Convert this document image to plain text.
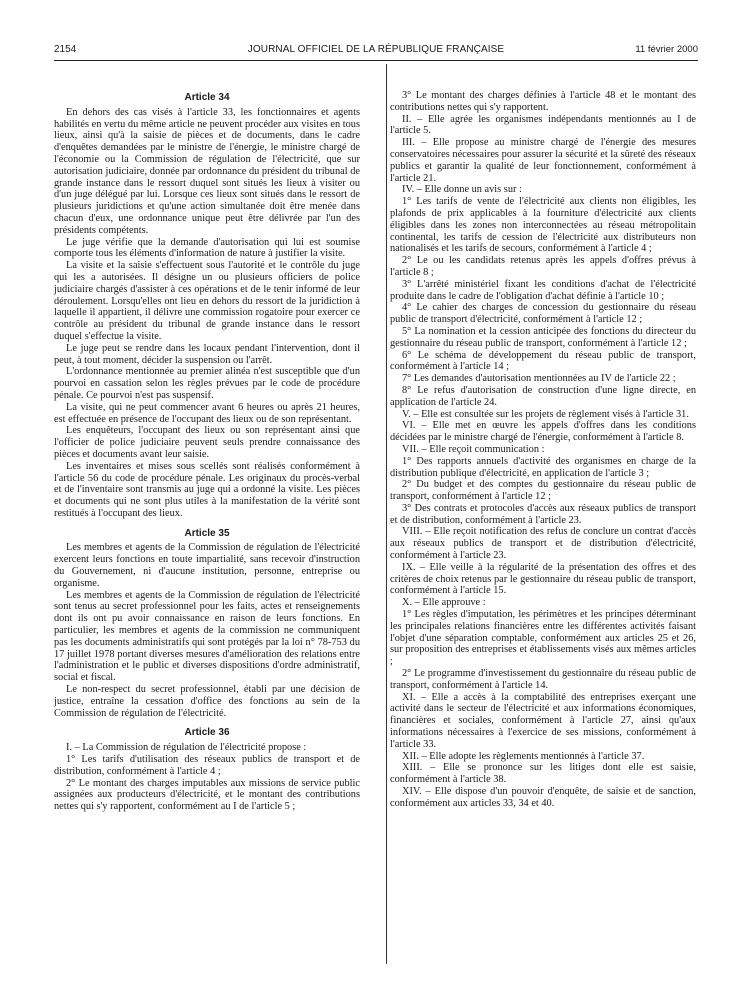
2154	JOURNAL OFFICIEL DE LA RÉPUBLIQUE FRANÇAISE	11 février 2000
Article 34

En dehors des cas visés à l'article 33, les fonctionnaires et agents habilités en vertu du même article ne peuvent procéder aux visites en tous lieux, ainsi qu'à la saisie de pièces et de documents, dans le cadre d'enquêtes demandées par le ministre de l'énergie, le ministre chargé de l'économie ou la Commission de régulation de l'électricité, que sur autorisation judiciaire, donnée par ordonnance du président du tribunal de grande instance dans le ressort duquel sont situés les lieux à visiter ou d'un juge délégué par lui. Lorsque ces lieux sont situés dans le ressort de plusieurs juridictions et qu'une action simultanée doit être menée dans chacun d'eux, une ordonnance unique peut être délivrée par l'un des présidents compétents.

Le juge vérifie que la demande d'autorisation qui lui est soumise comporte tous les éléments d'information de nature à justifier la visite.

La visite et la saisie s'effectuent sous l'autorité et le contrôle du juge qui les a autorisées. Il désigne un ou plusieurs officiers de police judiciaire chargés d'assister à ces opérations et de le tenir informé de leur déroulement. Lorsqu'elles ont lieu en dehors du ressort de la juridiction à laquelle il appartient, il délivre une commission rogatoire pour exercer ce contrôle au président du tribunal de grande instance dans le ressort duquel s'effectue la visite.

Le juge peut se rendre dans les locaux pendant l'intervention, dont il peut, à tout moment, décider la suspension ou l'arrêt.

L'ordonnance mentionnée au premier alinéa n'est susceptible que d'un pourvoi en cassation selon les règles prévues par le code de procédure pénale. Ce pourvoi n'est pas suspensif.

La visite, qui ne peut commencer avant 6 heures ou après 21 heures, est effectuée en présence de l'occupant des lieux ou de son représentant.

Les enquêteurs, l'occupant des lieux ou son représentant ainsi que l'officier de police judiciaire peuvent seuls prendre connaissance des pièces et documents avant leur saisie.

Les inventaires et mises sous scellés sont réalisés conformément à l'article 56 du code de procédure pénale. Les originaux du procès-verbal et de l'inventaire sont transmis au juge qui a ordonné la visite. Les pièces et documents qui ne sont plus utiles à la manifestation de la vérité sont restitués à l'occupant des lieux.

Article 35

Les membres et agents de la Commission de régulation de l'électricité exercent leurs fonctions en toute impartialité, sans recevoir d'instruction du Gouvernement, ni d'aucune institution, personne, entreprise ou organisme.

Les membres et agents de la Commission de régulation de l'électricité sont tenus au secret professionnel pour les faits, actes et renseignements dont ils ont pu avoir connaissance en raison de leurs fonctions. En particulier, les membres et agents de la commission ne communiquent pas les documents administratifs qui sont protégés par la loi n° 78-753 du 17 juillet 1978 portant diverses mesures d'amélioration des relations entre l'administration et le public et diverses dispositions d'ordre administratif, social et fiscal.

Le non-respect du secret professionnel, établi par une décision de justice, entraîne la cessation d'office des fonctions au sein de la Commission de régulation de l'électricité.

Article 36

I. – La Commission de régulation de l'électricité propose :

1° Les tarifs d'utilisation des réseaux publics de transport et de distribution, conformément à l'article 4 ;

2° Le montant des charges imputables aux missions de service public assignées aux producteurs d'électricité, et le montant des contributions nettes qui s'y rapportent, conformément au I de l'article 5 ;

3° Le montant des charges définies à l'article 48 et le montant des contributions nettes qui s'y rapportent.

II. – Elle agrée les organismes indépendants mentionnés au I de l'article 5.

III. – Elle propose au ministre chargé de l'énergie des mesures conservatoires nécessaires pour assurer la sécurité et la sûreté des réseaux publics et garantir la qualité de leur fonctionnement, conformément à l'article 21.

IV. – Elle donne un avis sur :

1° Les tarifs de vente de l'électricité aux clients non éligibles, les plafonds de prix applicables à la fourniture d'électricité aux clients éligibles dans les zones non interconnectées au réseau métropolitain continental, les tarifs de cession de l'électricité aux distributeurs non nationalisés et les tarifs de secours, conformément à l'article 4 ;

2° Le ou les candidats retenus après les appels d'offres prévus à l'article 8 ;

3° L'arrêté ministériel fixant les conditions d'achat de l'électricité produite dans le cadre de l'obligation d'achat définie à l'article 10 ;

4° Le cahier des charges de concession du gestionnaire du réseau public de transport d'électricité, conformément à l'article 12 ;

5° La nomination et la cession anticipée des fonctions du directeur du gestionnaire du réseau public de transport, conformément à l'article 12 ;

6° Le schéma de développement du réseau public de transport, conformément à l'article 14 ;

7° Les demandes d'autorisation mentionnées au IV de l'article 22 ;

8° Le refus d'autorisation de construction d'une ligne directe, en application de l'article 24.

V. – Elle est consultée sur les projets de règlement visés à l'article 31.

VI. – Elle met en œuvre les appels d'offres dans les conditions décidées par le ministre chargé de l'énergie, conformément à l'article 8.

VII. – Elle reçoit communication :

1° Des rapports annuels d'activité des organismes en charge de la distribution publique d'électricité, en application de l'article 3 ;

2° Du budget et des comptes du gestionnaire du réseau public de transport, conformément à l'article 12 ;

3° Des contrats et protocoles d'accès aux réseaux publics de transport et de distribution, conformément à l'article 23.

VIII. – Elle reçoit notification des refus de conclure un contrat d'accès aux réseaux publics de transport et de distribution d'électricité, conformément à l'article 23.

IX. – Elle veille à la régularité de la présentation des offres et des critères de choix retenus par le gestionnaire du réseau public de transport, conformément à l'article 15.

X. – Elle approuve :

1° Les règles d'imputation, les périmètres et les principes déterminant les principales relations financières entre les différentes activités faisant l'objet d'une séparation comptable, conformément aux articles 25 et 26, sur proposition des entreprises et établissements visés aux mêmes articles ;

2° Le programme d'investissement du gestionnaire du réseau public de transport, conformément à l'article 14.

XI. – Elle a accès à la comptabilité des entreprises exerçant une activité dans le secteur de l'électricité et aux informations économiques, financières et sociales, conformément à l'article 27, ainsi qu'aux informations nécessaires à l'exercice de ses missions, conformément à l'article 33.

XII. – Elle adopte les règlements mentionnés à l'article 37.

XIII. – Elle se prononce sur les litiges dont elle est saisie, conformément à l'article 38.

XIV. – Elle dispose d'un pouvoir d'enquête, de saisie et de sanction, conformément aux articles 33, 34 et 40.
